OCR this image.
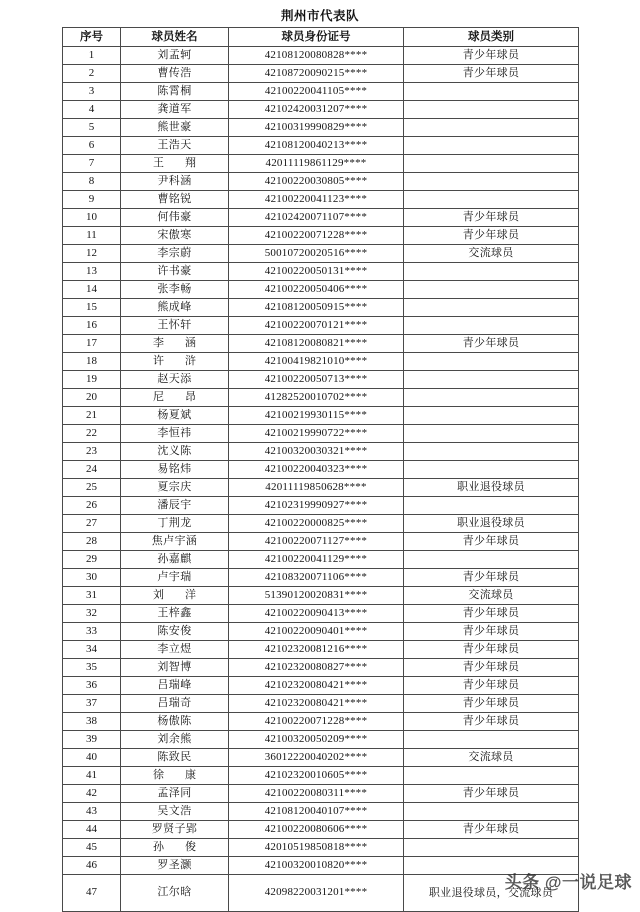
荆州市代表队
序号	球员姓名	球员身份证号	球员类别
1	刘孟轲	42108120080828****	青少年球员
2	曹传浩	42108720090215****	青少年球员
3	陈霄桐	42100220041105****	
4	龚道军	42102420031207****	
5	熊世豪	42100319990829****	
6	王浩天	42108120040213****	
7	王　翔	42011119861129****	
8	尹科涵	42100220030805****	
9	曹铭锐	42100220041123****	
10	何伟豪	42102420071107****	青少年球员
11	宋傲寒	42100220071228****	青少年球员
12	李宗蔚	50010720020516****	交流球员
13	许书豪	42100220050131****	
14	张李畅	42100220050406****	
15	熊成峰	42108120050915****	
16	王怀轩	42100220070121****	
17	李　涵	42108120080821****	青少年球员
18	许　浒	42100419821010****	
19	赵天添	42100220050713****	
20	尼　昂	41282520010702****	
21	杨夏斌	42100219930115****	
22	李恒祎	42100219990722****	
23	沈义陈	42100320030321****	
24	易铭炜	42100220040323****	
25	夏宗庆	42011119850628****	职业退役球员
26	潘辰宇	42102319990927****	
27	丁荆龙	42100220000825****	职业退役球员
28	焦卢宇涵	42100220071127****	青少年球员
29	孙嘉麒	42100220041129****	
30	卢宇瑞	42108320071106****	青少年球员
31	刘　洋	51390120020831****	交流球员
32	王梓鑫	42100220090413****	青少年球员
33	陈安俊	42100220090401****	青少年球员
34	李立煜	42102320081216****	青少年球员
35	刘智博	42102320080827****	青少年球员
36	吕瑞峰	42102320080421****	青少年球员
37	吕瑞奇	42102320080421****	青少年球员
38	杨傲陈	42100220071228****	青少年球员
39	刘余熊	42100320050209****	
40	陈致民	36012220040202****	交流球员
41	徐　康	42102320010605****	
42	孟泽同	42100220080311****	青少年球员
43	吴文浩	42108120040107****	
44	罗贤子郢	42100220080606****	青少年球员
45	孙　俊	42010519850818****	
46	罗圣灏	42100320010820****	
47	江尔晗	42098220031201****	职业退役球员，交流球员
头条 @一说足球
